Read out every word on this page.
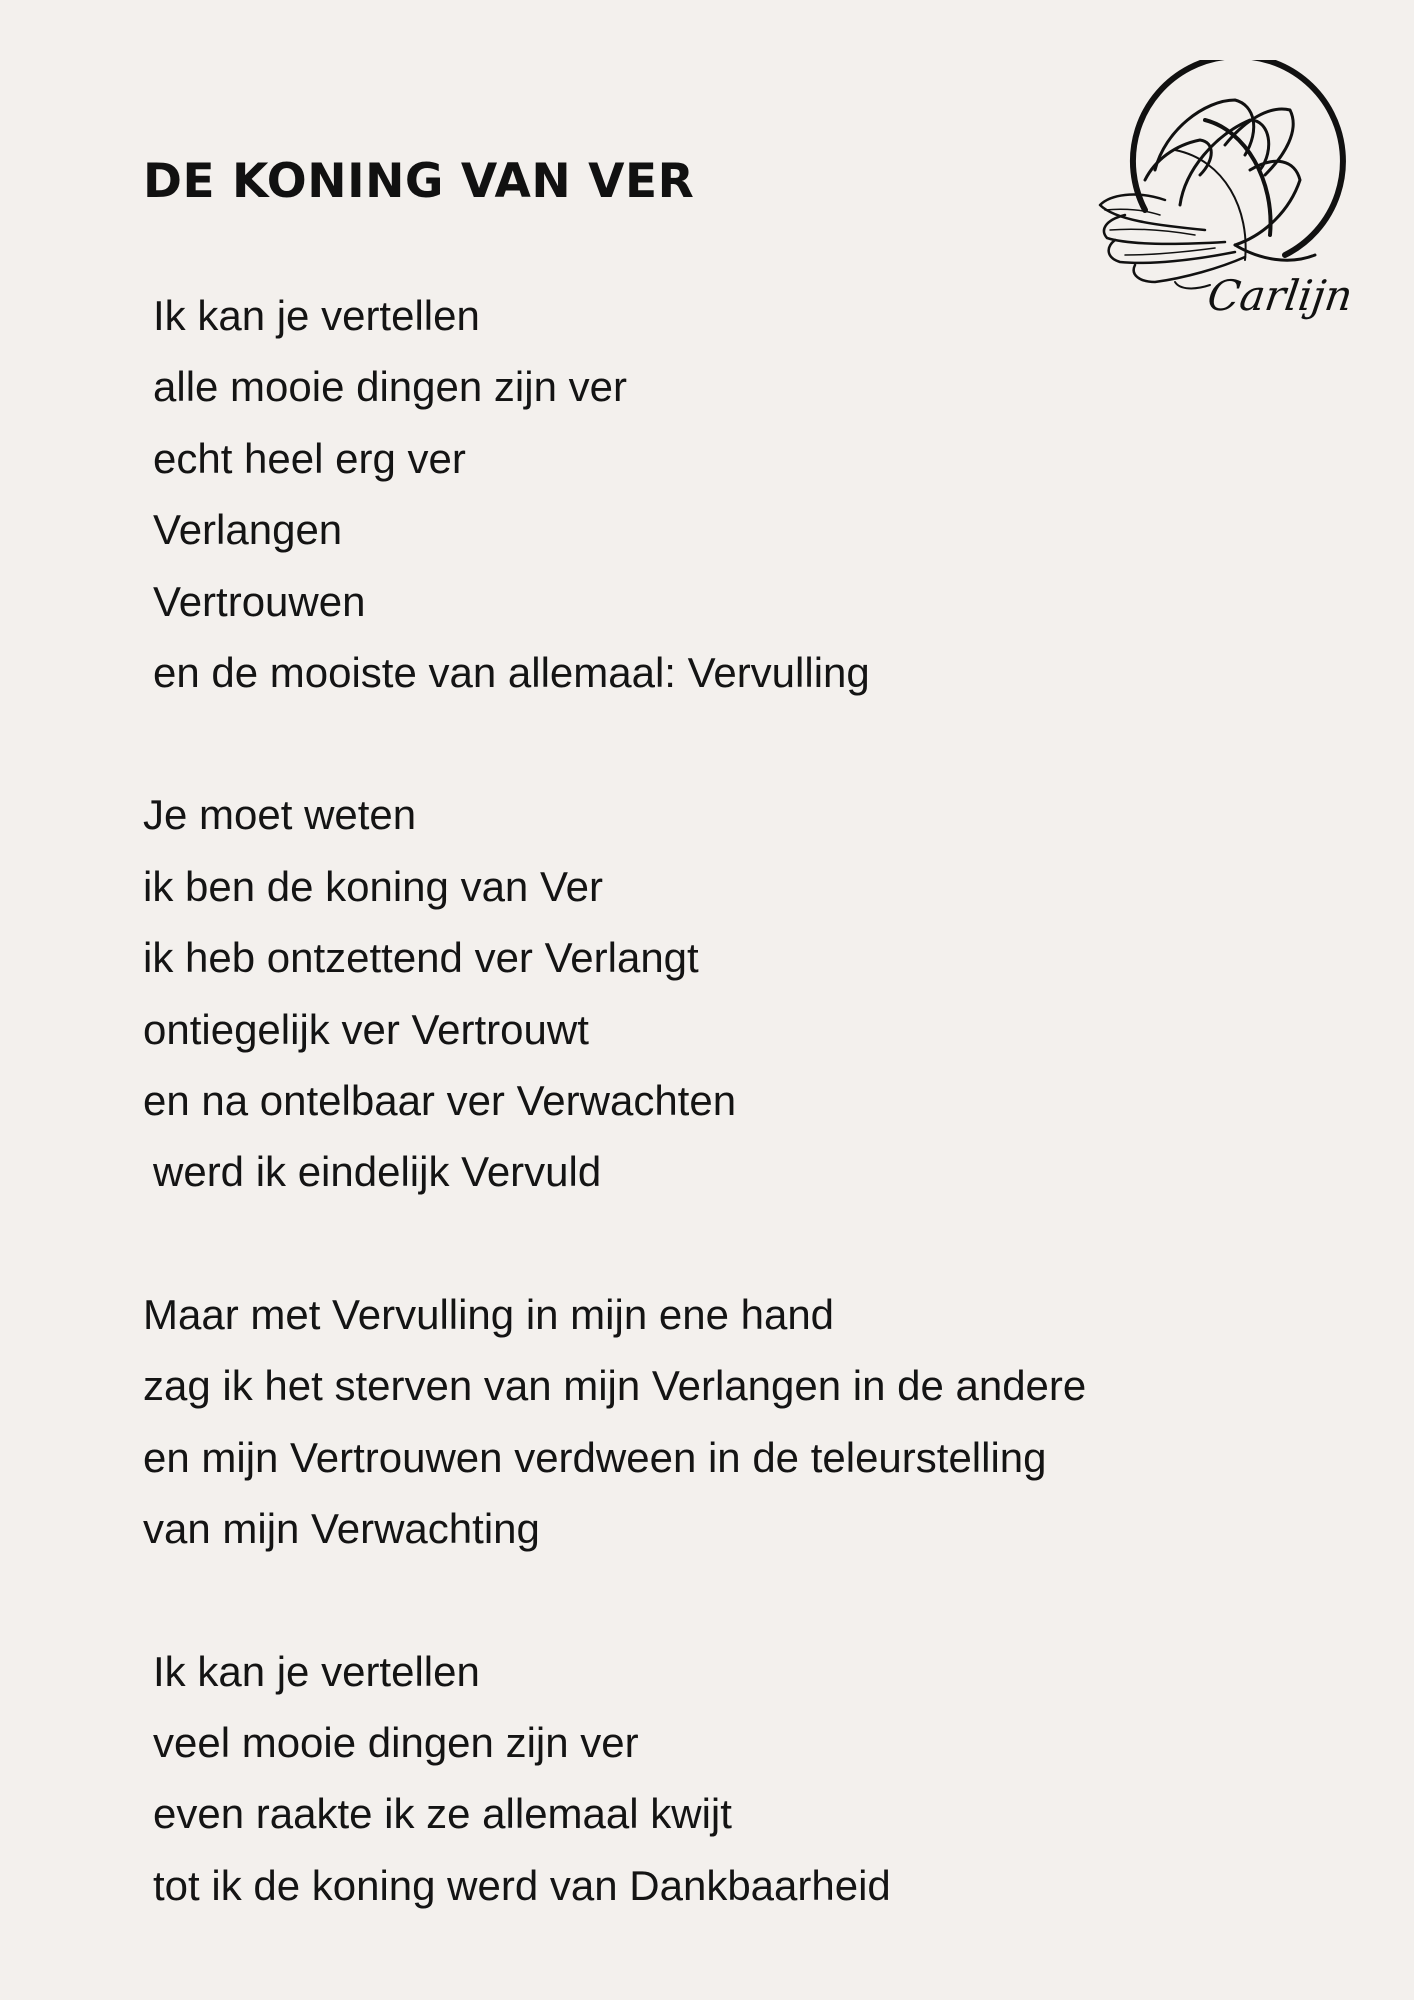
DE KONING VAN VER
Carlijn

Ik kan je vertellen
alle mooie dingen zijn ver
echt heel erg ver
Verlangen
Vertrouwen
en de mooiste van allemaal: Vervulling

Je moet weten
ik ben de koning van Ver
ik heb ontzettend ver Verlangt
ontiegelijk ver Vertrouwt
en na ontelbaar ver Verwachten
werd ik eindelijk Vervuld

Maar met Vervulling in mijn ene hand
zag ik het sterven van mijn Verlangen in de andere
en mijn Vertrouwen verdween in de teleurstelling
van mijn Verwachting

Ik kan je vertellen
veel mooie dingen zijn ver
even raakte ik ze allemaal kwijt
tot ik de koning werd van Dankbaarheid
